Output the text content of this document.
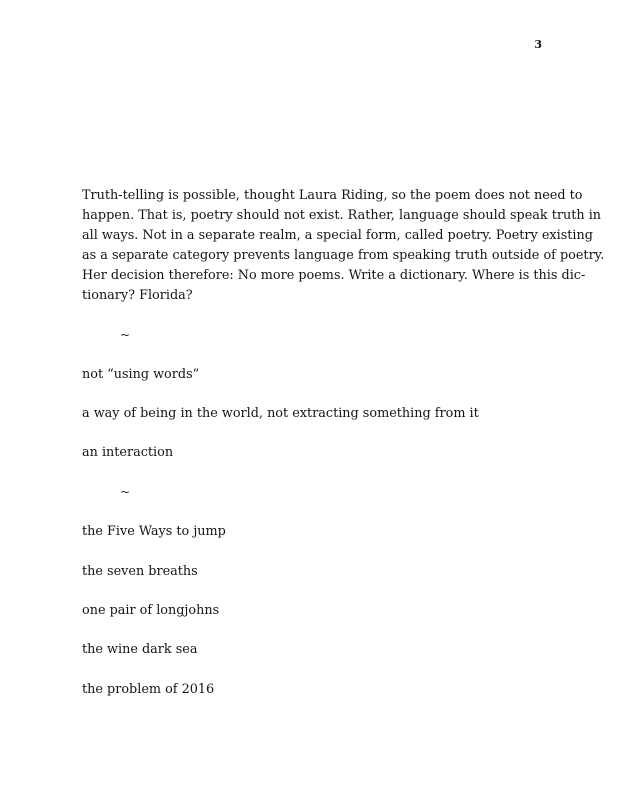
3
Truth-telling is possible, thought Laura Riding, so the poem does not need to
happen. That is, poetry should not exist. Rather, language should speak truth in
all ways. Not in a separate realm, a special form, called poetry. Poetry existing
as a separate category prevents language from speaking truth outside of poetry.
Her decision therefore: No more poems. Write a dictionary. Where is this dic-
tionary? Florida?
~
not “using words”
a way of being in the world, not extracting something from it
an interaction
~
the Five Ways to jump
the seven breaths
one pair of longjohns
the wine dark sea
the problem of 2016
